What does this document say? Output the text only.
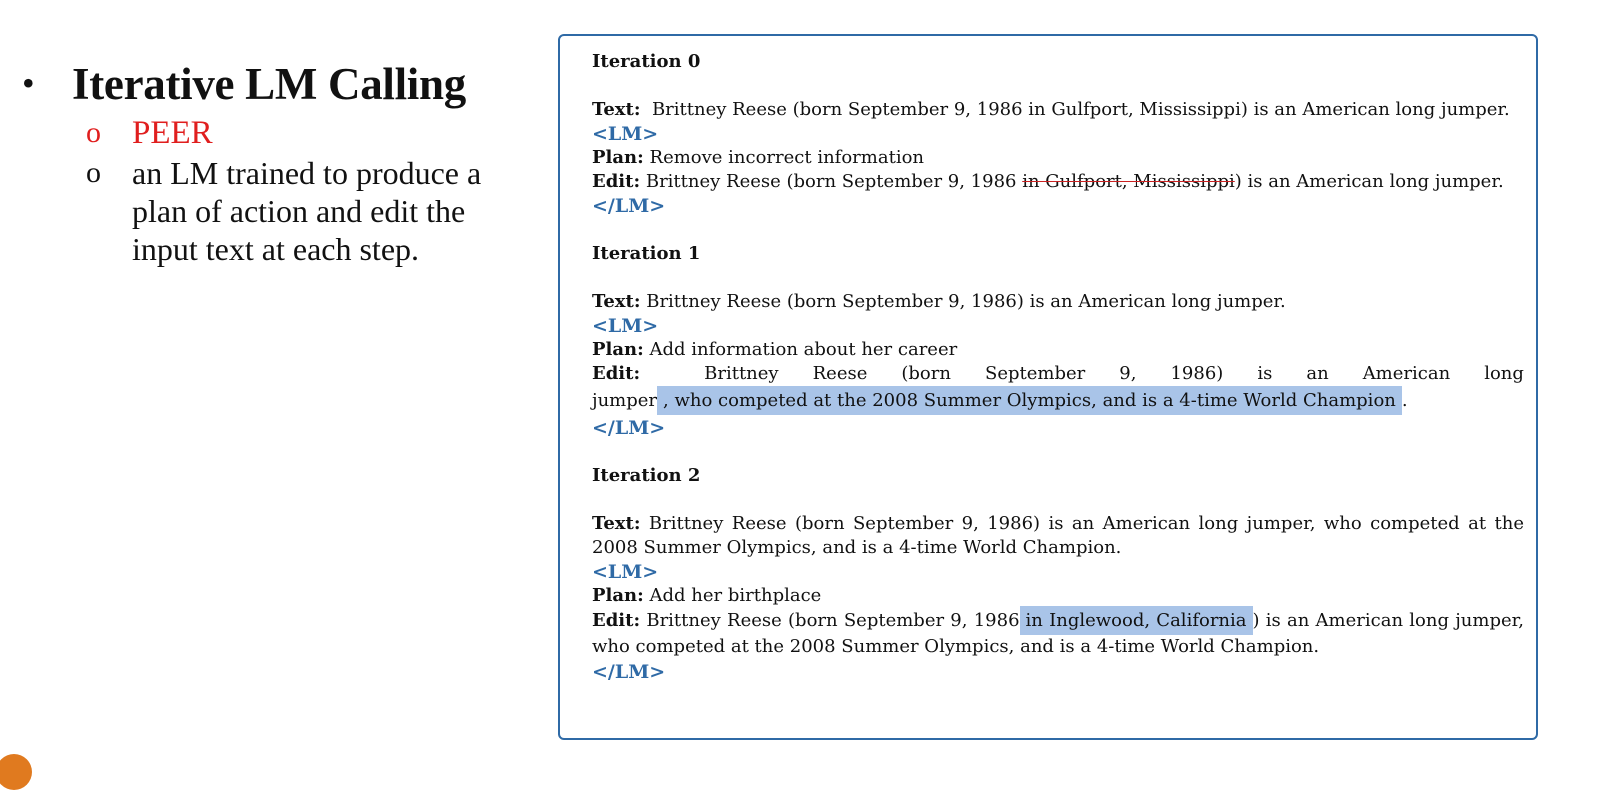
• Iterative LM Calling
o PEER
o an LM trained to produce a plan of action and edit the input text at each step.
Iteration 0
Text: Brittney Reese (born September 9, 1986 in Gulfport, Mississippi) is an American long jumper.
<LM>
Plan: Remove incorrect information
Edit: Brittney Reese (born September 9, 1986 in Gulfport, Mississippi) is an American long jumper.
</LM>
Iteration 1
Text: Brittney Reese (born September 9, 1986) is an American long jumper.
<LM>
Plan: Add information about her career
Edit:	Brittney Reese (born September 9, 1986) is an American long
jumper , who competed at the 2008 Summer Olympics, and is a 4-time World Champion .
</LM>
Iteration 2
Text: Brittney Reese (born September 9, 1986) is an American long jumper, who competed at the 2008 Summer Olympics, and is a 4-time World Champion.
<LM>
Plan: Add her birthplace
Edit: Brittney Reese (born September 9, 1986 in Inglewood, California ) is an American long jumper, who competed at the 2008 Summer Olympics, and is a 4-time World Champion.
</LM>
